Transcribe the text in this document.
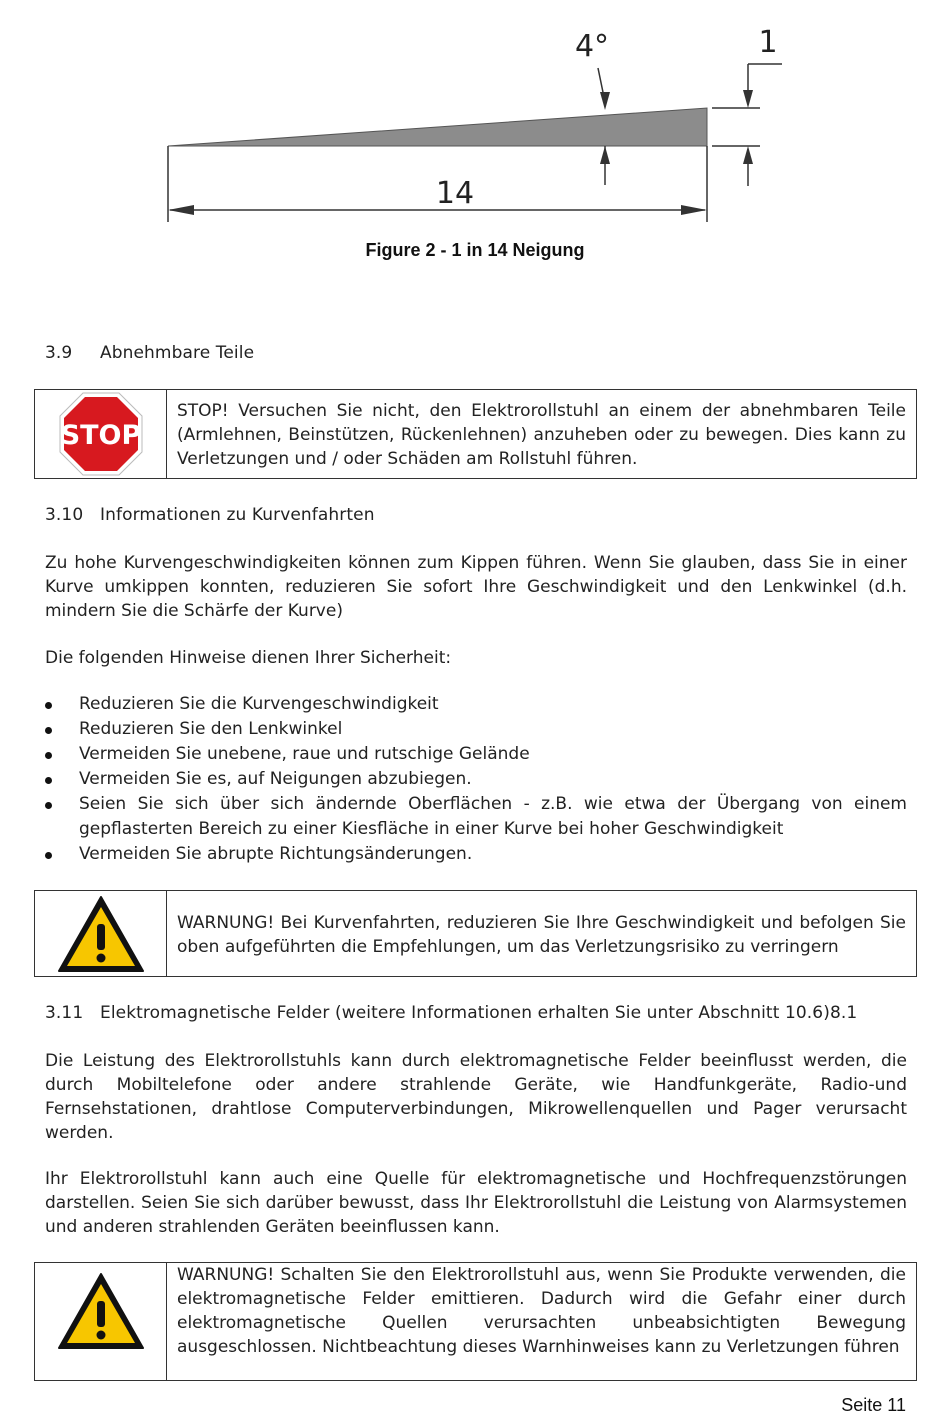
14
4°	1
Figure 2 - 1 in 14 Neigung
3.9 Abnehmbare Teile
STOP
STOP! Versuchen Sie nicht, den Elektrorollstuhl an einem der abnehmbaren Teile (Armlehnen, Beinstützen, Rückenlehnen) anzuheben oder zu bewegen. Dies kann zu Verletzungen und / oder Schäden am Rollstuhl führen.
3.10 Informationen zu Kurvenfahrten
Zu hohe Kurvengeschwindigkeiten können zum Kippen führen. Wenn Sie glauben, dass Sie in einer Kurve umkippen konnten, reduzieren Sie sofort Ihre Geschwindigkeit und den Lenkwinkel (d.h. mindern Sie die Schärfe der Kurve)
Die folgenden Hinweise dienen Ihrer Sicherheit:
Reduzieren Sie die Kurvengeschwindigkeit
Reduzieren Sie den Lenkwinkel
Vermeiden Sie unebene, raue und rutschige Gelände
Vermeiden Sie es, auf Neigungen abzubiegen.
Seien Sie sich über sich ändernde Oberflächen - z.B. wie etwa der Übergang von einem gepflasterten Bereich zu einer Kiesfläche in einer Kurve bei hoher Geschwindigkeit
Vermeiden Sie abrupte Richtungsänderungen.
WARNUNG! Bei Kurvenfahrten, reduzieren Sie Ihre Geschwindigkeit und befolgen Sie oben aufgeführten die Empfehlungen, um das Verletzungsrisiko zu verringern
3.11 Elektromagnetische Felder (weitere Informationen erhalten Sie unter Abschnitt 10.6)8.1
Die Leistung des Elektrorollstuhls kann durch elektromagnetische Felder beeinflusst werden, die durch Mobiltelefone oder andere strahlende Geräte, wie Handfunkgeräte, Radio-und Fernsehstationen, drahtlose Computerverbindungen, Mikrowellenquellen und Pager verursacht werden.
Ihr Elektrorollstuhl kann auch eine Quelle für elektromagnetische und Hochfrequenzstörungen darstellen. Seien Sie sich darüber bewusst, dass Ihr Elektrorollstuhl die Leistung von Alarmsystemen und anderen strahlenden Geräten beeinflussen kann.
WARNUNG! Schalten Sie den Elektrorollstuhl aus, wenn Sie Produkte verwenden, die elektromagnetische Felder emittieren. Dadurch wird die Gefahr einer durch elektromagnetische Quellen verursachten unbeabsichtigten Bewegung ausgeschlossen. Nichtbeachtung dieses Warnhinweises kann zu Verletzungen führen
Seite 11
